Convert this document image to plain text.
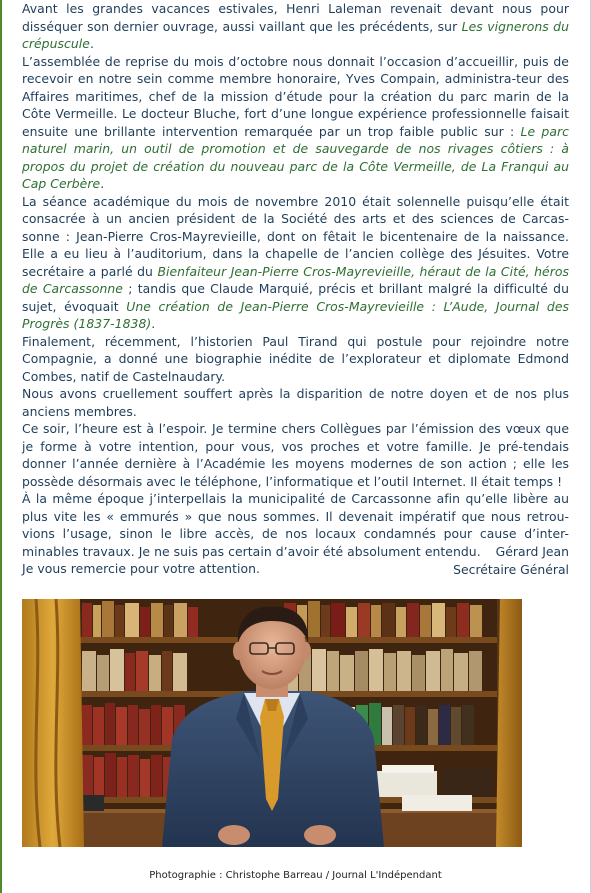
Avant les grandes vacances estivales, Henri Laleman revenait devant nous pour disséquer son dernier ouvrage, aussi vaillant que les précédents, sur Les vignerons du crépuscule.

L’assemblée de reprise du mois d’octobre nous donnait l’occasion d’accueillir, puis de recevoir en notre sein comme membre honoraire, Yves Compain, administra-teur des Affaires maritimes, chef de la mission d’étude pour la création du parc marin de la Côte Vermeille. Le docteur Bluche, fort d’une longue expérience professionnelle faisait ensuite une brillante intervention remarquée par un trop faible public sur : Le parc naturel marin, un outil de promotion et de sauvegarde de nos rivages côtiers : à propos du projet de création du nouveau parc de la Côte Vermeille, de La Franqui au Cap Cerbère.

La séance académique du mois de novembre 2010 était solennelle puisqu’elle était consacrée à un ancien président de la Société des arts et des sciences de Carcas-sonne : Jean-Pierre Cros-Mayrevieille, dont on fêtait le bicentenaire de la naissance. Elle a eu lieu à l’auditorium, dans la chapelle de l’ancien collège des Jésuites. Votre secrétaire a parlé du Bienfaiteur Jean-Pierre Cros-Mayrevieille, héraut de la Cité, héros de Carcassonne ; tandis que Claude Marquié, précis et brillant malgré la difficulté du sujet, évoquait Une création de Jean-Pierre Cros-Mayrevieille : L’Aude, Journal des Progrès (1837-1838).

Finalement, récemment, l’historien Paul Tirand qui postule pour rejoindre notre Compagnie, a donné une biographie inédite de l’explorateur et diplomate Edmond Combes, natif de Castelnaudary.

Nous avons cruellement souffert après la disparition de notre doyen et de nos plus anciens membres.

Ce soir, l’heure est à l’espoir. Je termine chers Collègues par l’émission des vœux que je forme à votre intention, pour vous, vos proches et votre famille. Je pré-tendais donner l’année dernière à l’Académie les moyens modernes de son action ; elle les possède désormais avec le téléphone, l’informatique et l’outil Internet. Il était temps !

À la même époque j’interpellais la municipalité de Carcassonne afin qu’elle libère au plus vite les « emmurés » que nous sommes. Il devenait impératif que nous retrou-vions l’usage, sinon le libre accès, de nos locaux condamnés pour cause d’inter-minables travaux. Je ne suis pas certain d’avoir été absolument entendu.

Je vous remercie pour votre attention.

Gérard Jean
Secrétaire Général
Photographie : Christophe Barreau / Journal L'Indépendant
